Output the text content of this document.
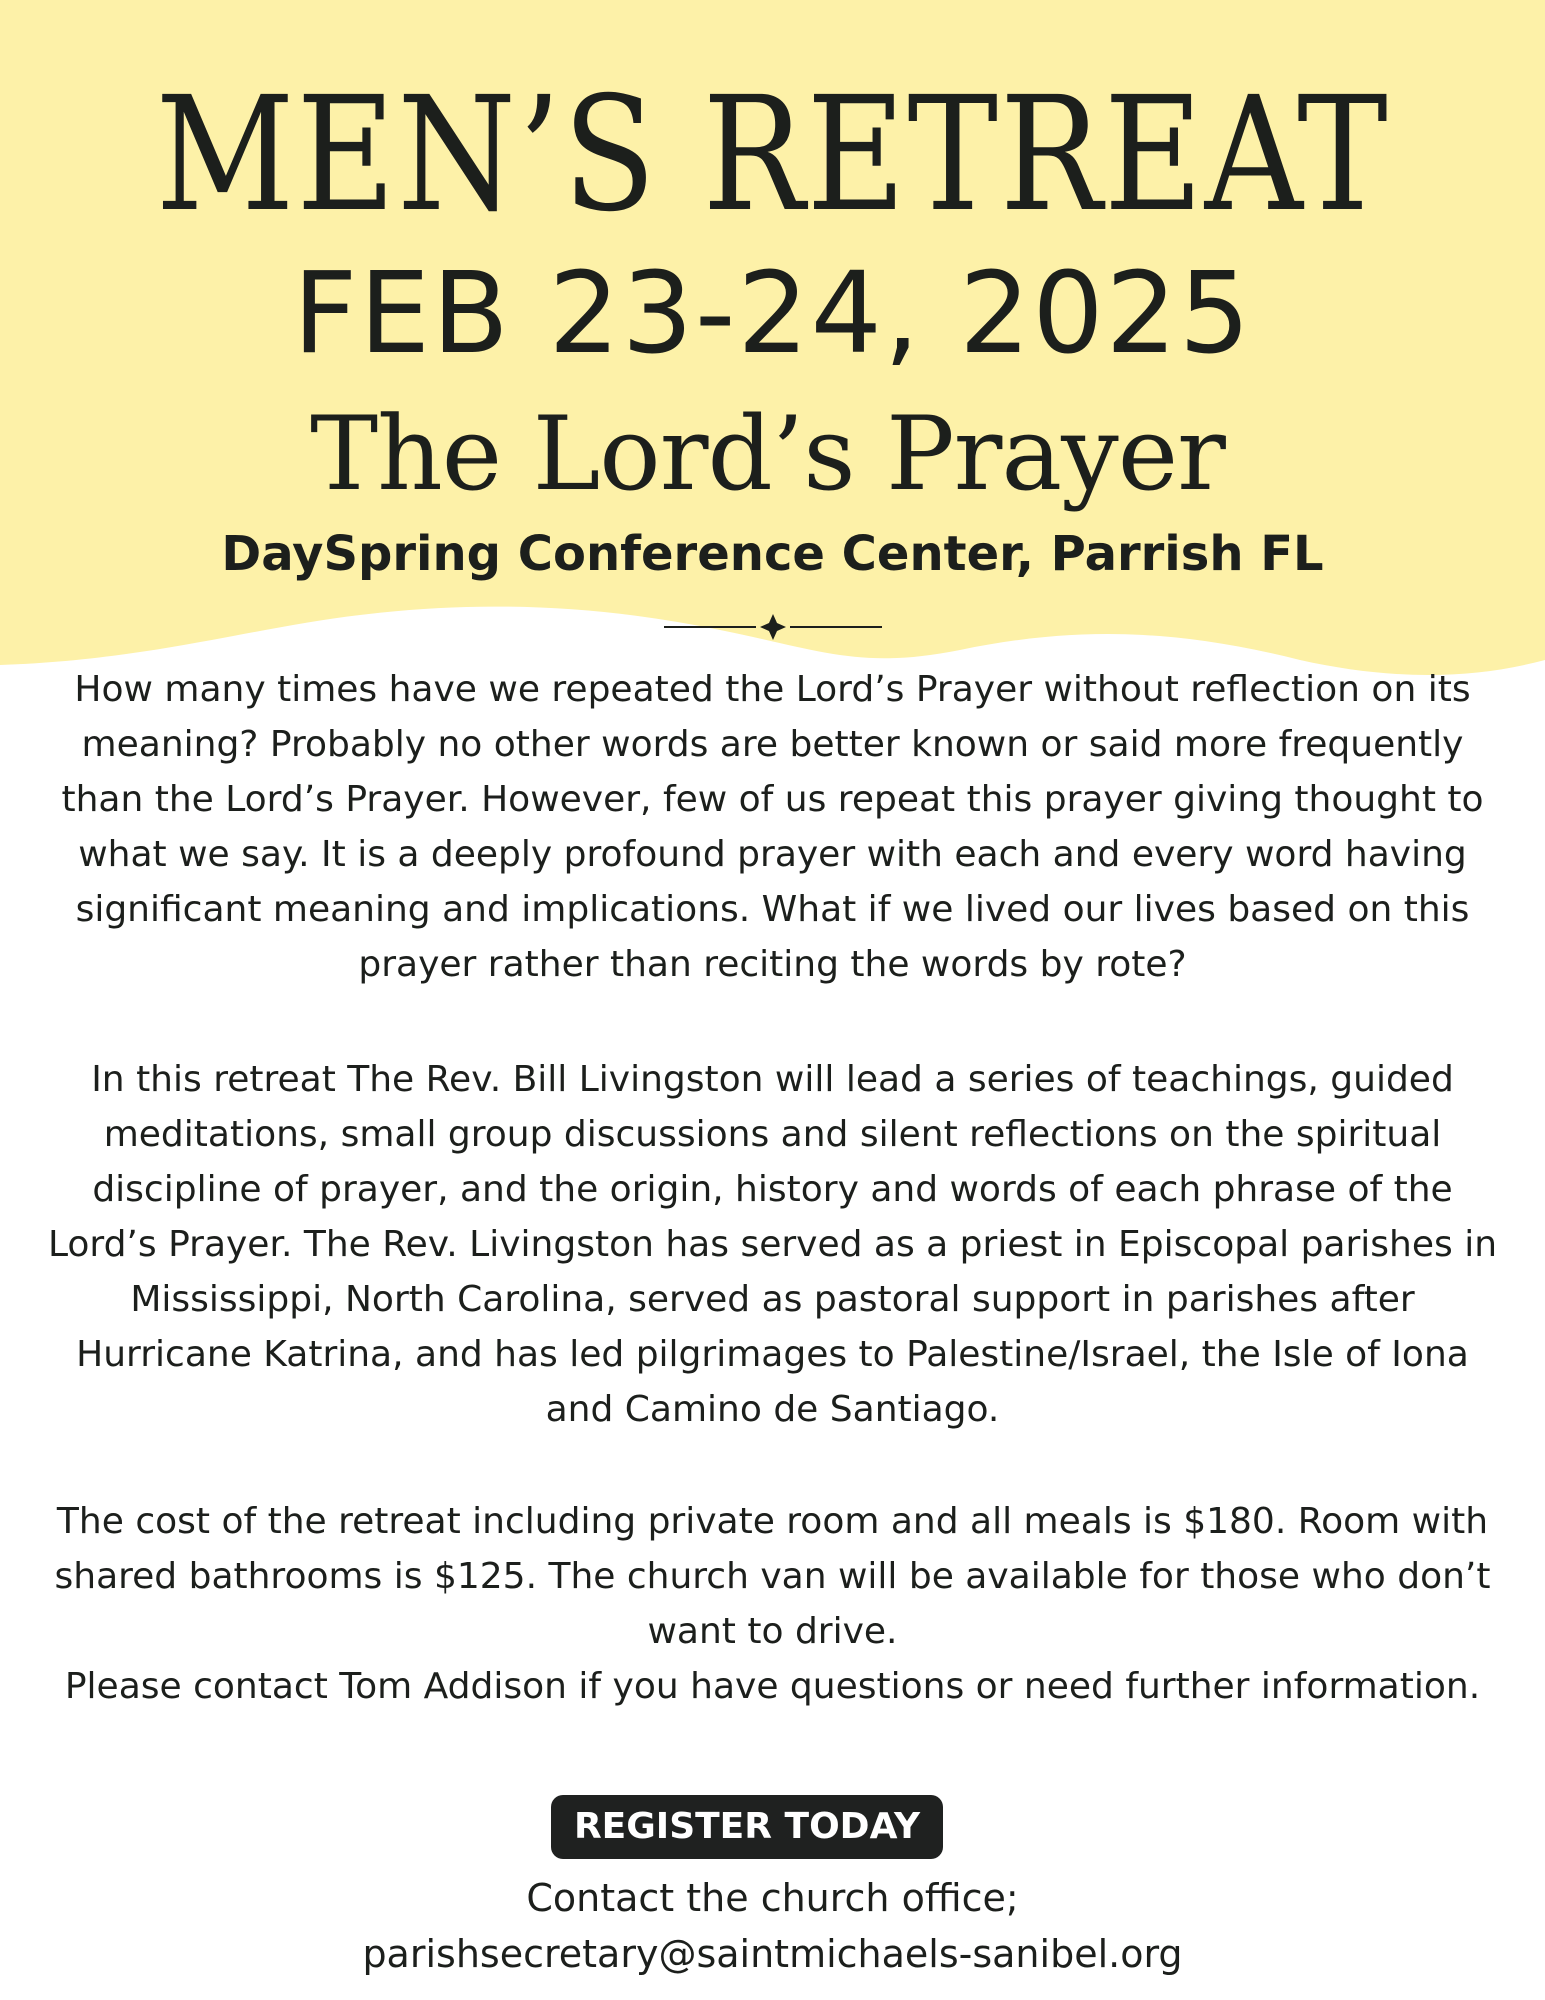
MEN’S RETREAT
FEB 23-24, 2025
The Lord’s Prayer
DaySpring Conference Center, Parrish FL

How many times have we repeated the Lord’s Prayer without reflection on its meaning? Probably no other words are better known or said more frequently than the Lord’s Prayer. However, few of us repeat this prayer giving thought to what we say. It is a deeply profound prayer with each and every word having significant meaning and implications. What if we lived our lives based on this prayer rather than reciting the words by rote?

In this retreat The Rev. Bill Livingston will lead a series of teachings, guided meditations, small group discussions and silent reflections on the spiritual discipline of prayer, and the origin, history and words of each phrase of the Lord’s Prayer. The Rev. Livingston has served as a priest in Episcopal parishes in Mississippi, North Carolina, served as pastoral support in parishes after Hurricane Katrina, and has led pilgrimages to Palestine/Israel, the Isle of Iona and Camino de Santiago.

The cost of the retreat including private room and all meals is $180. Room with shared bathrooms is $125. The church van will be available for those who don’t want to drive.

Please contact Tom Addison if you have questions or need further information.

REGISTER TODAY
Contact the church office;
parishsecretary@saintmichaels-sanibel.org
